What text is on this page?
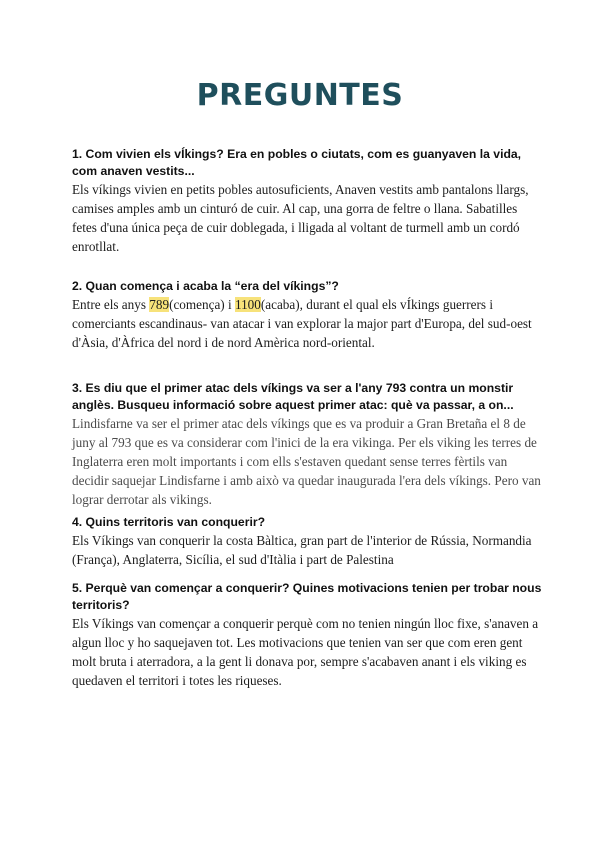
PREGUNTES
1. Com vivien els vÍkings? Era en pobles o ciutats, com es guanyaven la vida, com anaven vestits...
Els víkings vivien en petits pobles autosuficients, Anaven vestits amb pantalons llargs, camises amples amb un cinturó de cuir. Al cap, una gorra de feltre o llana. Sabatilles fetes d'una única peça de cuir doblegada, i lligada al voltant de turmell amb un cordó enrotllat.
2. Quan comença i acaba la “era del víkings”?
Entre els anys 789(comença) i 1100(acaba), durant el qual els vÍkings guerrers i comerciants escandinaus- van atacar i van explorar la major part d'Europa, del sud-oest d'Àsia, d'Àfrica del nord i de nord Amèrica nord-oriental.
3. Es diu que el primer atac dels víkings va ser a l'any 793 contra un monstir anglès. Busqueu informació sobre aquest primer atac: què va passar, a on...
Lindisfarne va ser el primer atac dels víkings que es va produir a Gran Bretaña el 8 de juny al 793 que es va considerar com l'inici de la era vikinga. Per els viking les terres de Inglaterra eren molt importants i com ells s'estaven quedant sense terres fèrtils van decidir saquejar Lindisfarne i amb això va quedar inaugurada l'era dels víkings. Pero van lograr derrotar als vikings.
4. Quins territoris van conquerir?
Els Víkings van conquerir la costa Bàltica, gran part de l'interior de Rússia, Normandia (França), Anglaterra, Sicília, el sud d'Itàlia i part de Palestina
5. Perquè van començar a conquerir? Quines motivacions tenien per trobar nous territoris?
Els Víkings van començar a conquerir perquè com no tenien ningún lloc fixe, s'anaven a algun lloc y ho saquejaven tot. Les motivacions que tenien van ser que com eren gent molt bruta i aterradora, a la gent li donava por, sempre s'acabaven anant i els viking es quedaven el territori i totes les riqueses.
